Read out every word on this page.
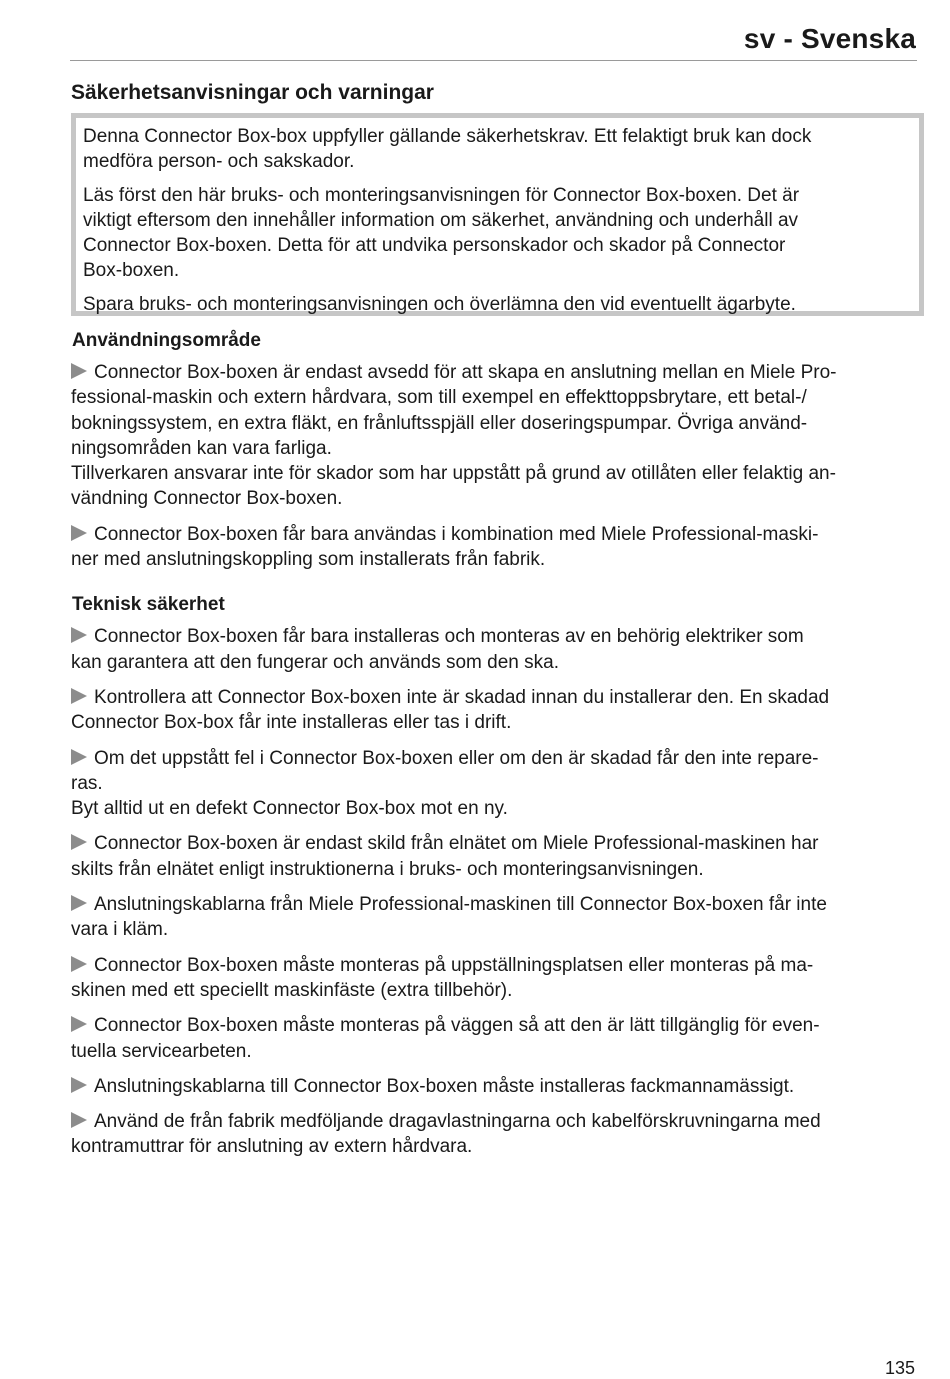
sv - Svenska
Säkerhetsanvisningar och varningar

Denna Connector Box-box uppfyller gällande säkerhetskrav. Ett felaktigt bruk kan dock
medföra person- och sakskador.

Läs först den här bruks- och monteringsanvisningen för Connector Box-boxen. Det är
viktigt eftersom den innehåller information om säkerhet, användning och underhåll av
Connector Box-boxen. Detta för att undvika personskador och skador på Connector
Box-boxen.

Spara bruks- och monteringsanvisningen och överlämna den vid eventuellt ägarbyte.

Användningsområde
Connector Box-boxen är endast avsedd för att skapa en anslutning mellan en Miele Pro-
fessional-maskin och extern hårdvara, som till exempel en effekttoppsbrytare, ett betal-/
bokningssystem, en extra fläkt, en frånluftsspjäll eller doseringspumpar. Övriga använd-
ningsområden kan vara farliga.
Tillverkaren ansvarar inte för skador som har uppstått på grund av otillåten eller felaktig an-
vändning Connector Box-boxen.
Connector Box-boxen får bara användas i kombination med Miele Professional-maski-
ner med anslutningskoppling som installerats från fabrik.
Teknisk säkerhet
Connector Box-boxen får bara installeras och monteras av en behörig elektriker som
kan garantera att den fungerar och används som den ska.
Kontrollera att Connector Box-boxen inte är skadad innan du installerar den. En skadad
Connector Box-box får inte installeras eller tas i drift.
Om det uppstått fel i Connector Box-boxen eller om den är skadad får den inte repare-
ras.
Byt alltid ut en defekt Connector Box-box mot en ny.
Connector Box-boxen är endast skild från elnätet om Miele Professional-maskinen har
skilts från elnätet enligt instruktionerna i bruks- och monteringsanvisningen.
Anslutningskablarna från Miele Professional-maskinen till Connector Box-boxen får inte
vara i kläm.
Connector Box-boxen måste monteras på uppställningsplatsen eller monteras på ma-
skinen med ett speciellt maskinfäste (extra tillbehör).
Connector Box-boxen måste monteras på väggen så att den är lätt tillgänglig för even-
tuella servicearbeten.
Anslutningskablarna till Connector Box-boxen måste installeras fackmannamässigt.
Använd de från fabrik medföljande dragavlastningarna och kabelförskruvningarna med
kontramuttrar för anslutning av extern hårdvara.
135
